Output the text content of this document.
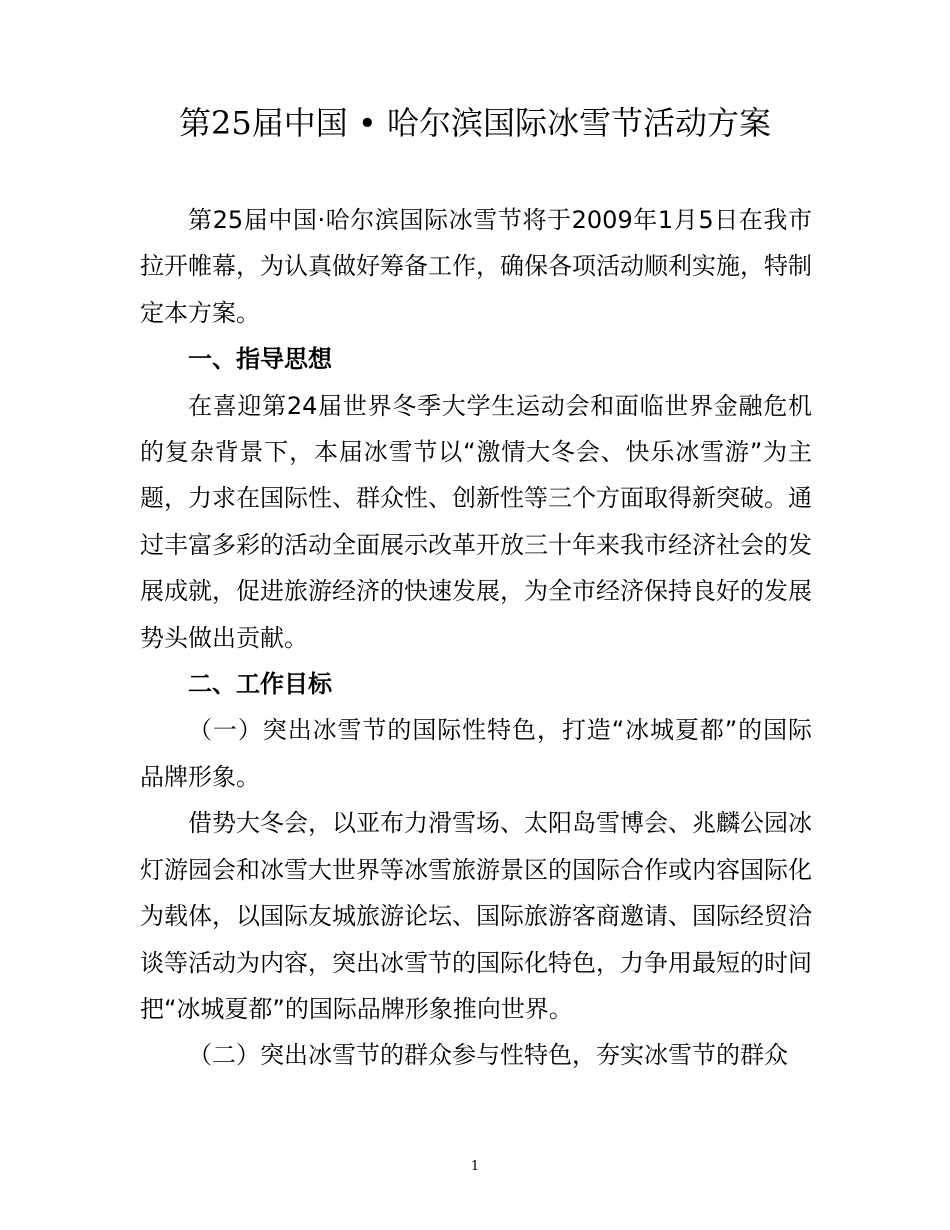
第25届中国 • 哈尔滨国际冰雪节活动方案

第25届中国·哈尔滨国际冰雪节将于2009年1月5日在我市拉开帷幕，为认真做好筹备工作，确保各项活动顺利实施，特制定本方案。

一、指导思想

在喜迎第24届世界冬季大学生运动会和面临世界金融危机的复杂背景下，本届冰雪节以“激情大冬会、快乐冰雪游”为主题，力求在国际性、群众性、创新性等三个方面取得新突破。通过丰富多彩的活动全面展示改革开放三十年来我市经济社会的发展成就，促进旅游经济的快速发展，为全市经济保持良好的发展势头做出贡献。

二、工作目标

（一）突出冰雪节的国际性特色，打造“冰城夏都”的国际品牌形象。

借势大冬会，以亚布力滑雪场、太阳岛雪博会、兆麟公园冰灯游园会和冰雪大世界等冰雪旅游景区的国际合作或内容国际化为载体，以国际友城旅游论坛、国际旅游客商邀请、国际经贸洽谈等活动为内容，突出冰雪节的国际化特色，力争用最短的时间把“冰城夏都”的国际品牌形象推向世界。

（二）突出冰雪节的群众参与性特色，夯实冰雪节的群众

1
